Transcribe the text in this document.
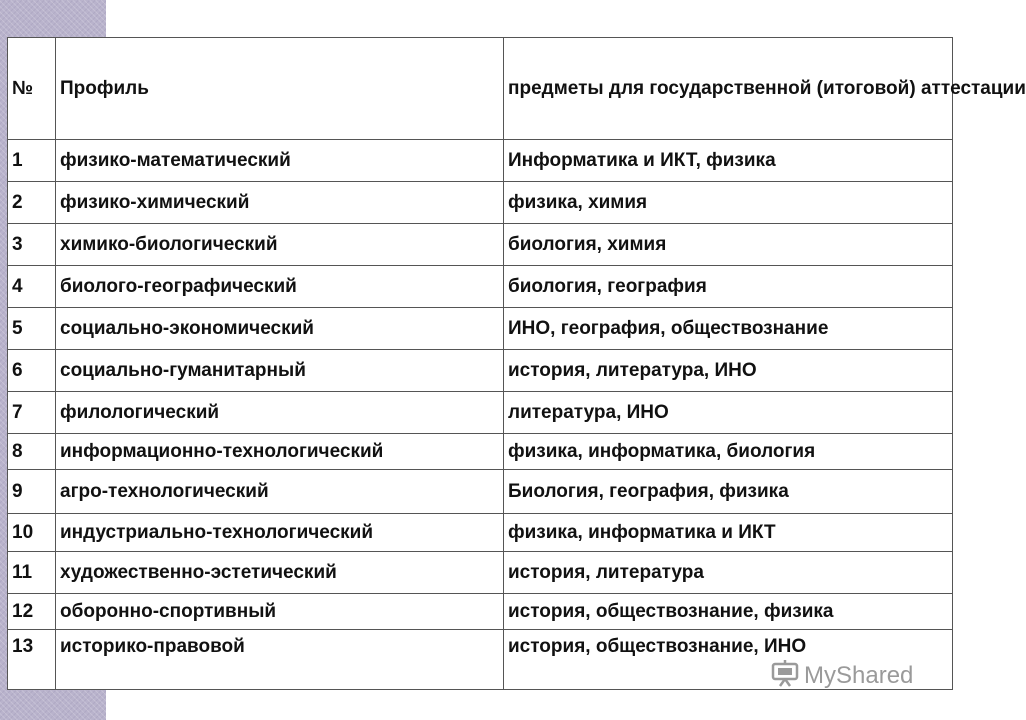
№	Профиль	предметы для государственной (итоговой) аттестации
1	физико-математический	Информатика и ИКТ, физика
2	физико-химический	физика, химия
3	химико-биологический	биология, химия
4	биолого-географический	биология, география
5	социально-экономический	ИНО, география, обществознание
6	социально-гуманитарный	история, литература, ИНО
7	филологический	литература, ИНО
8	информационно-технологический	физика, информатика, биология
9	агро-технологический	Биология, география, физика
10	индустриально-технологический	физика, информатика и ИКТ
11	художественно-эстетический	история, литература
12	оборонно-спортивный	история, обществознание, физика
13	историко-правовой	история, обществознание, ИНО
MyShared
